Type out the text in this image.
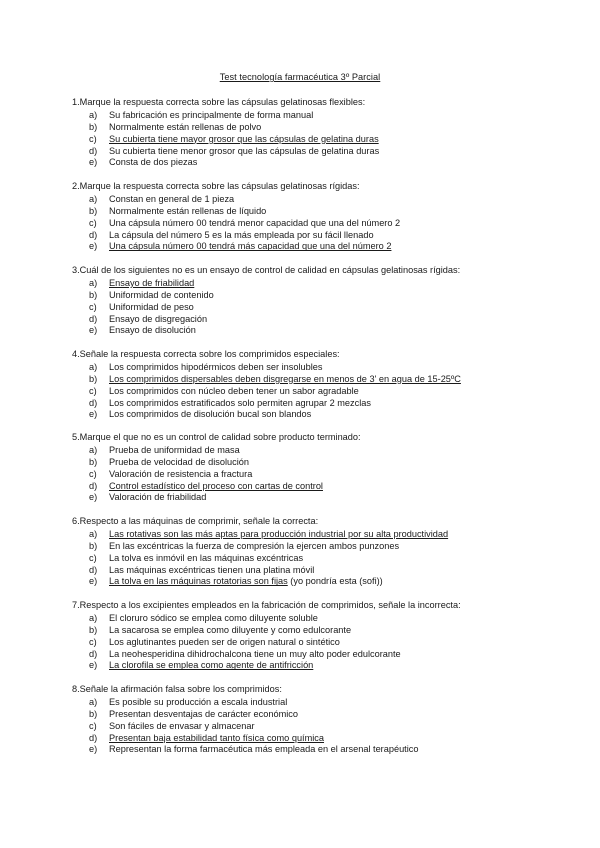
Test tecnología farmacéutica 3º Parcial
1.Marque la respuesta correcta sobre las cápsulas gelatinosas flexibles:
a) Su fabricación es principalmente de forma manual
b) Normalmente están rellenas de polvo
c) Su cubierta tiene mayor grosor que las cápsulas de gelatina duras
d) Su cubierta tiene menor grosor que las cápsulas de gelatina duras
e) Consta de dos piezas
2.Marque la respuesta correcta sobre las cápsulas gelatinosas rígidas:
a) Constan en general de 1 pieza
b) Normalmente están rellenas de líquido
c) Una cápsula número 00 tendrá menor capacidad que una del número 2
d) La cápsula del número 5 es la más empleada por su fácil llenado
e) Una cápsula número 00 tendrá más capacidad que una del número 2
3.Cuál de los siguientes no es un ensayo de control de calidad en cápsulas gelatinosas rígidas:
a) Ensayo de friabilidad
b) Uniformidad de contenido
c) Uniformidad de peso
d) Ensayo de disgregación
e) Ensayo de disolución
4.Señale la respuesta correcta sobre los comprimidos especiales:
a) Los comprimidos hipodérmicos deben ser insolubles
b) Los comprimidos dispersables deben disgregarse en menos de 3' en agua de 15-25ºC
c) Los comprimidos con núcleo deben tener un sabor agradable
d) Los comprimidos estratificados solo permiten agrupar 2 mezclas
e) Los comprimidos de disolución bucal son blandos
5.Marque el que no es un control de calidad sobre producto terminado:
a) Prueba de uniformidad de masa
b) Prueba de velocidad de disolución
c) Valoración de resistencia a fractura
d) Control estadístico del proceso con cartas de control
e) Valoración de friabilidad
6.Respecto a las máquinas de comprimir, señale la correcta:
a) Las rotativas son las más aptas para producción industrial por su alta productividad
b) En las excéntricas la fuerza de compresión la ejercen ambos punzones
c) La tolva es inmóvil en las máquinas excéntricas
d) Las máquinas excéntricas tienen una platina móvil
e) La tolva en las máquinas rotatorias son fijas (yo pondría esta (sofi))
7.Respecto a los excipientes empleados en la fabricación de comprimidos, señale la incorrecta:
a) El cloruro sódico se emplea como diluyente soluble
b) La sacarosa se emplea como diluyente y como edulcorante
c) Los aglutinantes pueden ser de origen natural o sintético
d) La neohesperidina dihidrochalcona tiene un muy alto poder edulcorante
e) La clorofila se emplea como agente de antifricción
8.Señale la afirmación falsa sobre los comprimidos:
a) Es posible su producción a escala industrial
b) Presentan desventajas de carácter económico
c) Son fáciles de envasar y almacenar
d) Presentan baja estabilidad tanto física como química
e) Representan la forma farmacéutica más empleada en el arsenal terapéutico
